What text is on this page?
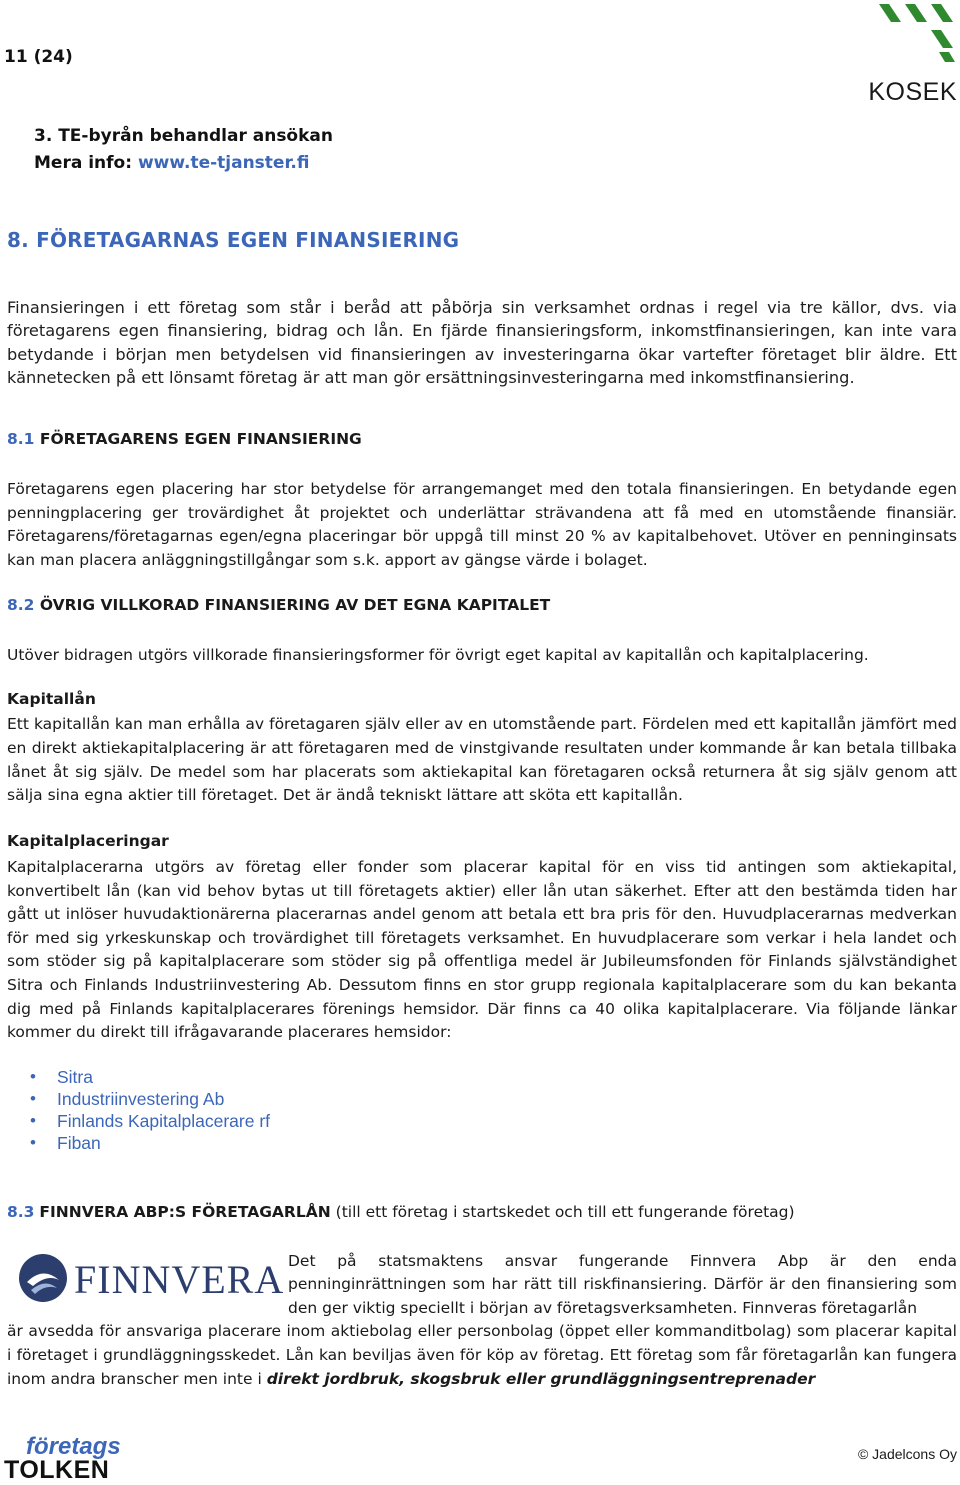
11 (24)
KOSEK
3. TE-byrån behandlar ansökan
Mera info: www.te-tjanster.fi
8. FÖRETAGARNAS EGEN FINANSIERING
Finansieringen i ett företag som står i beråd att påbörja sin verksamhet ordnas i regel via tre källor, dvs. via företagarens egen finansiering, bidrag och lån. En fjärde finansieringsform, inkomstfinansieringen, kan inte vara betydande i början men betydelsen vid finansieringen av investeringarna ökar vartefter företaget blir äldre. Ett kännetecken på ett lönsamt företag är att man gör ersättningsinvesteringarna med inkomstfinansiering.
8.1 FÖRETAGARENS EGEN FINANSIERING
Företagarens egen placering har stor betydelse för arrangemanget med den totala finansieringen. En betydande egen penningplacering ger trovärdighet åt projektet och underlättar strävandena att få med en utomstående finansiär. Företagarens/företagarnas egen/egna placeringar bör uppgå till minst 20 % av kapitalbehovet. Utöver en penninginsats kan man placera anläggningstillgångar som s.k. apport av gängse värde i bolaget.
8.2 ÖVRIG VILLKORAD FINANSIERING AV DET EGNA KAPITALET
Utöver bidragen utgörs villkorade finansieringsformer för övrigt eget kapital av kapitallån och kapitalplacering.
Kapitallån
Ett kapitallån kan man erhålla av företagaren själv eller av en utomstående part. Fördelen med ett kapitallån jämfört med en direkt aktiekapitalplacering är att företagaren med de vinstgivande resultaten under kommande år kan betala tillbaka lånet åt sig själv. De medel som har placerats som aktiekapital kan företagaren också returnera åt sig själv genom att sälja sina egna aktier till företaget. Det är ändå tekniskt lättare att sköta ett kapitallån.
Kapitalplaceringar
Kapitalplacerarna utgörs av företag eller fonder som placerar kapital för en viss tid antingen som aktiekapital, konvertibelt lån (kan vid behov bytas ut till företagets aktier) eller lån utan säkerhet. Efter att den bestämda tiden har gått ut inlöser huvudaktionärerna placerarnas andel genom att betala ett bra pris för den. Huvudplacerarnas medverkan för med sig yrkeskunskap och trovärdighet till företagets verksamhet. En huvudplacerare som verkar i hela landet och som stöder sig på kapitalplacerare som stöder sig på offentliga medel är Jubileumsfonden för Finlands självständighet Sitra och Finlands Industriinvestering Ab. Dessutom finns en stor grupp regionala kapitalplacerare som du kan bekanta dig med på Finlands kapitalplacerares förenings hemsidor. Där finns ca 40 olika kapitalplacerare. Via följande länkar kommer du direkt till ifrågavarande placerares hemsidor:
• Sitra
• Industriinvestering Ab
• Finlands Kapitalplacerare rf
• Fiban
8.3 FINNVERA ABP:S FÖRETAGARLÅN (till ett företag i startskedet och till ett fungerande företag)
FINNVERA Det på statsmaktens ansvar fungerande Finnvera Abp är den enda penninginrättningen som har rätt till riskfinansiering. Därför är den finansiering som den ger viktig speciellt i början av företagsverksamheten. Finnveras företagarlån
är avsedda för ansvariga placerare inom aktiebolag eller personbolag (öppet eller kommanditbolag) som placerar kapital i företaget i grundläggningsskedet. Lån kan beviljas även för köp av företag. Ett företag som får företagarlån kan fungera inom andra branscher men inte i direkt jordbruk, skogsbruk eller grundläggningsentreprenader
företags
TOLKEN
© Jadelcons Oy
